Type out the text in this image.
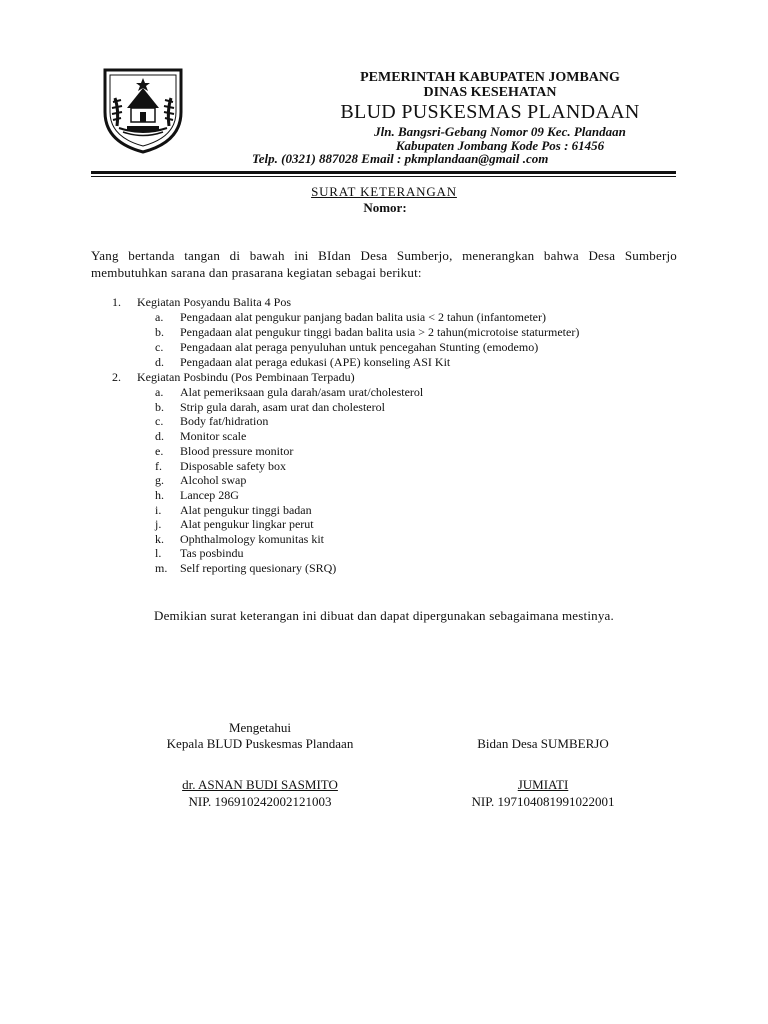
PEMERINTAH KABUPATEN JOMBANG
DINAS KESEHATAN
BLUD PUSKESMAS PLANDAAN
Jln. Bangsri-Gebang Nomor 09 Kec. Plandaan
Kabupaten Jombang Kode Pos : 61456
Telp. (0321) 887028 Email : pkmplandaan@gmail .com
SURAT KETERANGAN
Nomor:
Yang bertanda tangan di bawah ini BIdan Desa Sumberjo, menerangkan bahwa Desa Sumberjo membutuhkan sarana dan prasarana kegiatan sebagai berikut:
1. Kegiatan Posyandu Balita 4 Pos
a. Pengadaan alat pengukur panjang badan balita usia < 2 tahun (infantometer)
b. Pengadaan alat pengukur tinggi badan balita usia > 2 tahun(microtoise staturmeter)
c. Pengadaan alat peraga penyuluhan untuk pencegahan Stunting (emodemo)
d. Pengadaan alat peraga edukasi (APE) konseling ASI Kit
2. Kegiatan Posbindu (Pos Pembinaan Terpadu)
a. Alat pemeriksaan gula darah/asam urat/cholesterol
b. Strip gula darah, asam urat dan cholesterol
c. Body fat/hidration
d. Monitor scale
e. Blood pressure monitor
f. Disposable safety box
g. Alcohol swap
h. Lancep 28G
i. Alat pengukur tinggi badan
j. Alat pengukur lingkar perut
k. Ophthalmology komunitas kit
l. Tas posbindu
m. Self reporting quesionary (SRQ)
Demikian surat keterangan ini dibuat dan dapat dipergunakan sebagaimana mestinya.
Mengetahui
Kepala BLUD Puskesmas Plandaan	Bidan Desa SUMBERJO
dr. ASNAN BUDI SASMITO
NIP. 196910242002121003
JUMIATI
NIP. 197104081991022001
